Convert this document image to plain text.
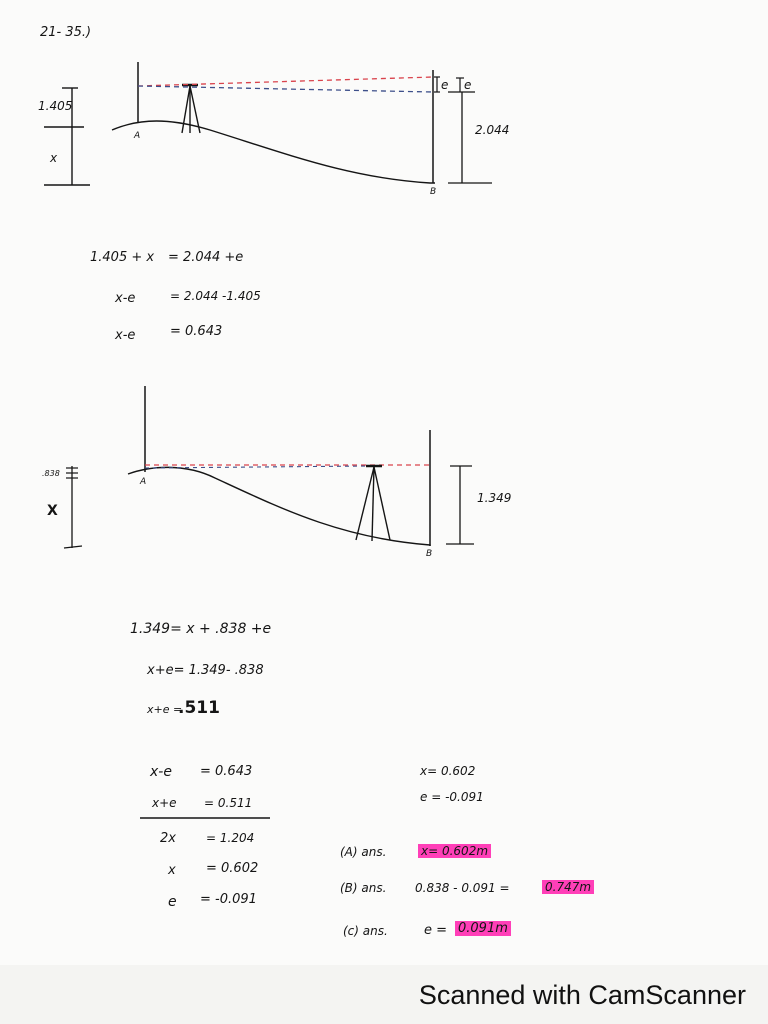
21- 35.)
1.405
x
A
B
e e
2.044
1.405 + x = 2.044 +e
x-e	= 2.044 -1.405
x-e	= 0.643
.838
X
A
B
1.349
1.349= x + .838 +e
x+e= 1.349- .838
x+e =
.511
x-e = 0.643
x+e = 0.511
2x	= 1.204
x = 0.602
e = -0.091
x= 0.602
e = -0.091
(A) ans.	x= 0.602m
(B) ans. 0.838 - 0.091 =	0.747m
(c) ans.	e = 0.091m
Scanned with CamScanner
